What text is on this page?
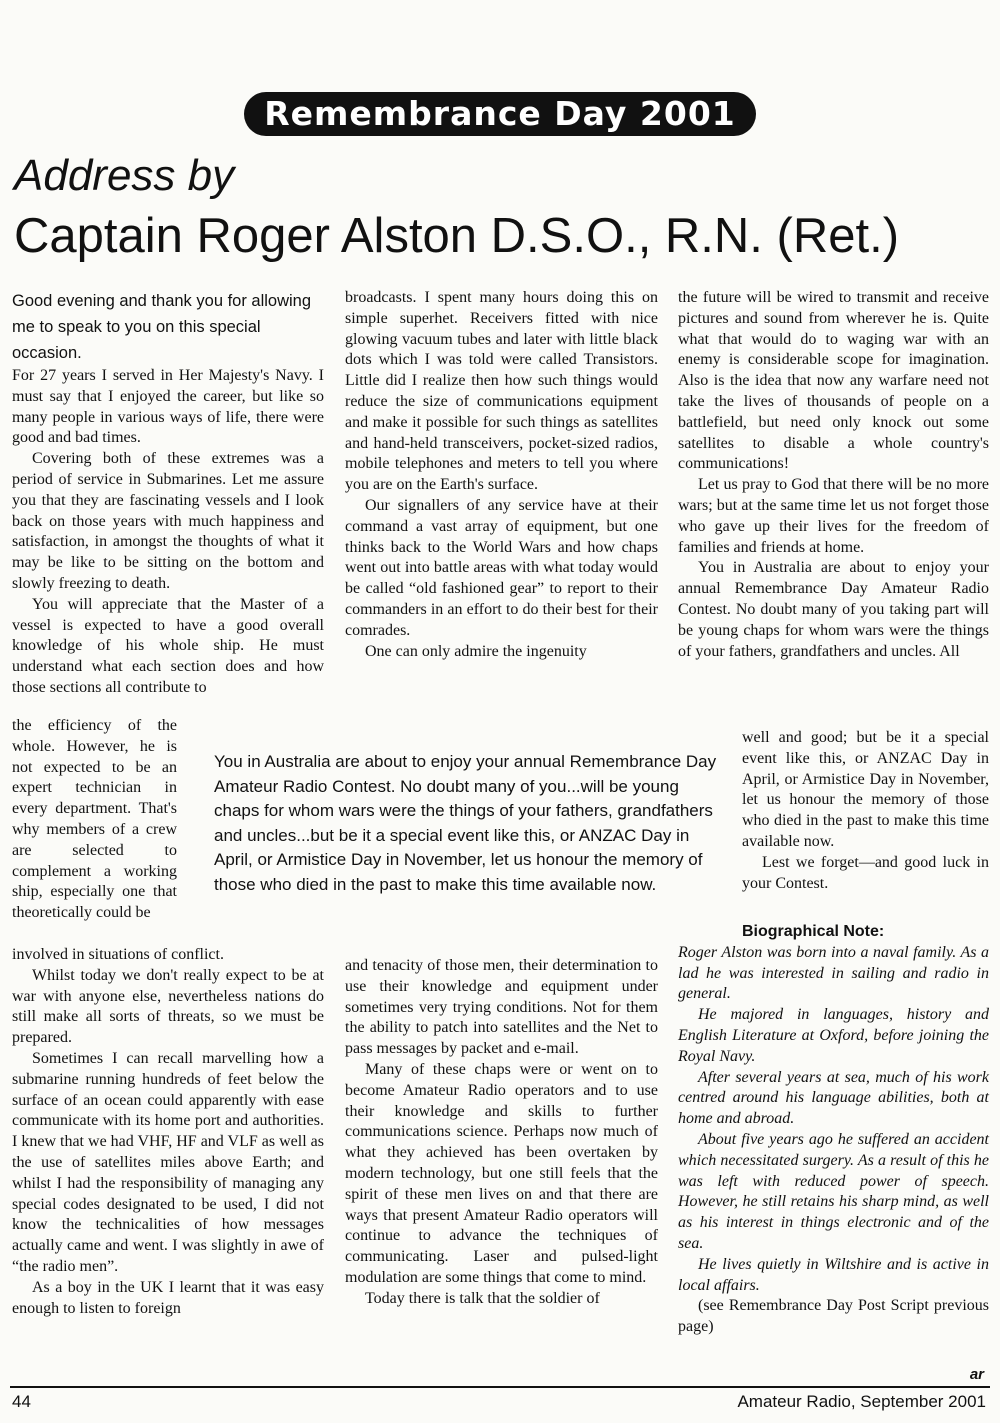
Remembrance Day 2001
Address by
Captain Roger Alston D.S.O., R.N. (Ret.)

Good evening and thank you for allowing me to speak to you on this special occasion.

For 27 years I served in Her Majesty's Navy. I must say that I enjoyed the career, but like so many people in various ways of life, there were good and bad times.

Covering both of these extremes was a period of service in Submarines. Let me assure you that they are fascinating vessels and I look back on those years with much happiness and satisfaction, in amongst the thoughts of what it may be like to be sitting on the bottom and slowly freezing to death.

You will appreciate that the Master of a vessel is expected to have a good overall knowledge of his whole ship. He must understand what each section does and how those sections all contribute to

the efficiency of the whole. However, he is not expected to be an expert technician in every department. That's why members of a crew are selected to complement a working ship, especially one that theoretically could be

involved in situations of conflict.

Whilst today we don't really expect to be at war with anyone else, nevertheless nations do still make all sorts of threats, so we must be prepared.

Sometimes I can recall marvelling how a submarine running hundreds of feet below the surface of an ocean could apparently with ease communicate with its home port and authorities. I knew that we had VHF, HF and VLF as well as the use of satellites miles above Earth; and whilst I had the responsibility of managing any special codes designated to be used, I did not know the technicalities of how messages actually came and went. I was slightly in awe of “the radio men”.

As a boy in the UK I learnt that it was easy enough to listen to foreign

broadcasts. I spent many hours doing this on simple superhet. Receivers fitted with nice glowing vacuum tubes and later with little black dots which I was told were called Transistors. Little did I realize then how such things would reduce the size of communications equipment and make it possible for such things as satellites and hand-held transceivers, pocket-sized radios, mobile telephones and meters to tell you where you are on the Earth's surface.

Our signallers of any service have at their command a vast array of equipment, but one thinks back to the World Wars and how chaps went out into battle areas with what today would be called “old fashioned gear” to report to their commanders in an effort to do their best for their comrades.

One can only admire the ingenuity

and tenacity of those men, their determination to use their knowledge and equipment under sometimes very trying conditions. Not for them the ability to patch into satellites and the Net to pass messages by packet and e-mail.

Many of these chaps were or went on to become Amateur Radio operators and to use their knowledge and skills to further communications science. Perhaps now much of what they achieved has been overtaken by modern technology, but one still feels that the spirit of these men lives on and that there are ways that present Amateur Radio operators will continue to advance the techniques of communicating. Laser and pulsed-light modulation are some things that come to mind.

Today there is talk that the soldier of

the future will be wired to transmit and receive pictures and sound from wherever he is. Quite what that would do to waging war with an enemy is considerable scope for imagination. Also is the idea that now any warfare need not take the lives of thousands of people on a battlefield, but need only knock out some satellites to disable a whole country's communications!

Let us pray to God that there will be no more wars; but at the same time let us not forget those who gave up their lives for the freedom of families and friends at home.

You in Australia are about to enjoy your annual Remembrance Day Amateur Radio Contest. No doubt many of you taking part will be young chaps for whom wars were the things of your fathers, grandfathers and uncles. All

well and good; but be it a special event like this, or ANZAC Day in April, or Armistice Day in November, let us honour the memory of those who died in the past to make this time available now.

Lest we forget—and good luck in your Contest.

Biographical Note:

Roger Alston was born into a naval family. As a lad he was interested in sailing and radio in general.

He majored in languages, history and English Literature at Oxford, before joining the Royal Navy.

After several years at sea, much of his work centred around his language abilities, both at home and abroad.

About five years ago he suffered an accident which necessitated surgery. As a result of this he was left with reduced power of speech. However, he still retains his sharp mind, as well as his interest in things electronic and of the sea.

He lives quietly in Wiltshire and is active in local affairs.

(see Remembrance Day Post Script previous page)

You in Australia are about to enjoy your annual Remembrance Day Amateur Radio Contest. No doubt many of you...will be young chaps for whom wars were the things of your fathers, grandfathers and uncles...but be it a special event like this, or ANZAC Day in April, or Armistice Day in November, let us honour the memory of those who died in the past to make this time available now.

ar
44	Amateur Radio, September 2001
